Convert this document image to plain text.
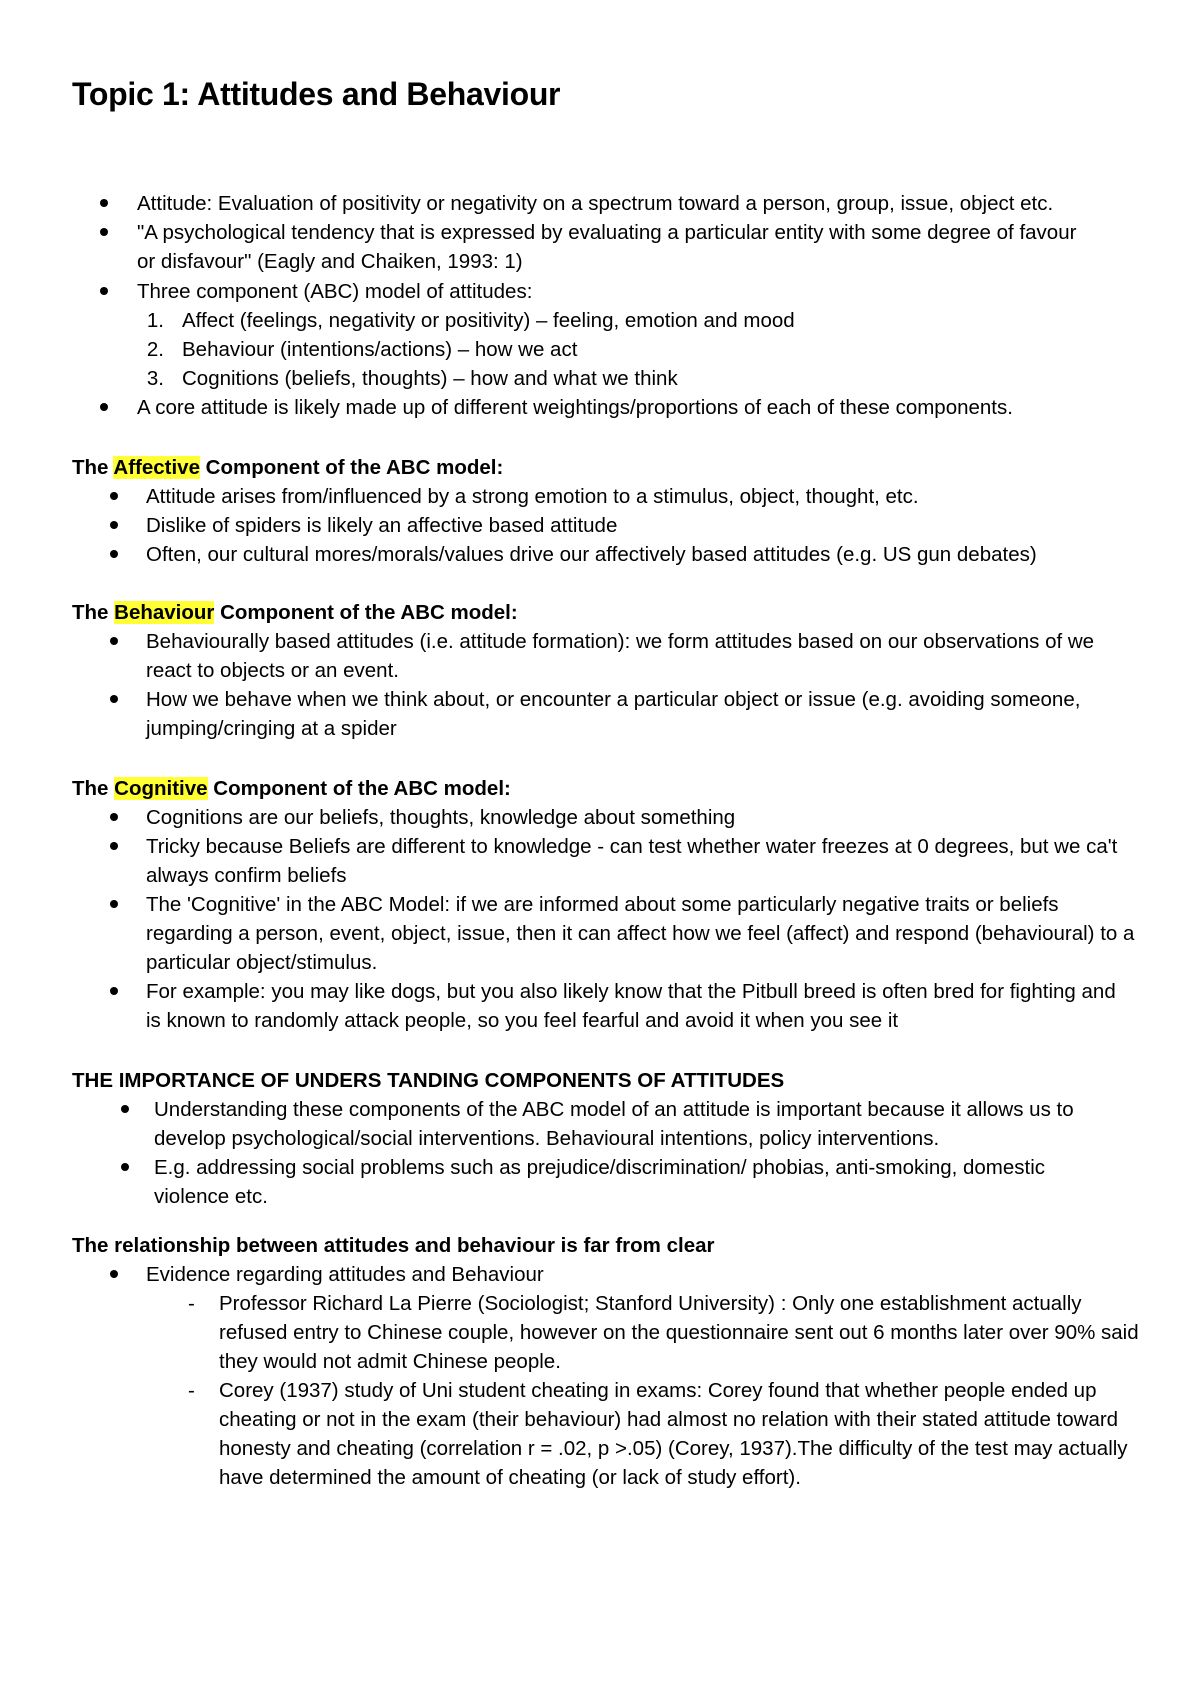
Topic 1: Attitudes and Behaviour
Attitude: Evaluation of positivity or negativity on a spectrum toward a person, group, issue, object etc.
"A psychological tendency that is expressed by evaluating a particular entity with some degree of favour or disfavour" (Eagly and Chaiken, 1993: 1)
Three component (ABC) model of attitudes:
1. Affect (feelings, negativity or positivity) – feeling, emotion and mood
2. Behaviour (intentions/actions) – how we act
3. Cognitions (beliefs, thoughts) – how and what we think
A core attitude is likely made up of different weightings/proportions of each of these components.
The Affective Component of the ABC model:
Attitude arises from/influenced by a strong emotion to a stimulus, object, thought, etc.
Dislike of spiders is likely an affective based attitude
Often, our cultural mores/morals/values drive our affectively based attitudes (e.g. US gun debates)
The Behaviour Component of the ABC model:
Behaviourally based attitudes (i.e. attitude formation): we form attitudes based on our observations of we react to objects or an event.
How we behave when we think about, or encounter a particular object or issue (e.g. avoiding someone, jumping/cringing at a spider
The Cognitive Component of the ABC model:
Cognitions are our beliefs, thoughts, knowledge about something
Tricky because Beliefs are different to knowledge - can test whether water freezes at 0 degrees, but we ca't always confirm beliefs
The 'Cognitive' in the ABC Model: if we are informed about some particularly negative traits or beliefs regarding a person, event, object, issue, then it can affect how we feel (affect) and respond (behavioural) to a particular object/stimulus.
For example: you may like dogs, but you also likely know that the Pitbull breed is often bred for fighting and is known to randomly attack people, so you feel fearful and avoid it when you see it
THE IMPORTANCE OF UNDERS TANDING COMPONENTS OF ATTITUDES
Understanding these components of the ABC model of an attitude is important because it allows us to develop psychological/social interventions. Behavioural intentions, policy interventions.
E.g. addressing social problems such as prejudice/discrimination/ phobias, anti-smoking, domestic violence etc.
The relationship between attitudes and behaviour is far from clear
Evidence regarding attitudes and Behaviour
- Professor Richard La Pierre (Sociologist; Stanford University) : Only one establishment actually refused entry to Chinese couple, however on the questionnaire sent out 6 months later over 90% said they would not admit Chinese people.
- Corey (1937) study of Uni student cheating in exams: Corey found that whether people ended up cheating or not in the exam (their behaviour) had almost no relation with their stated attitude toward honesty and cheating (correlation r = .02, p >.05) (Corey, 1937).The difficulty of the test may actually have determined the amount of cheating (or lack of study effort).
